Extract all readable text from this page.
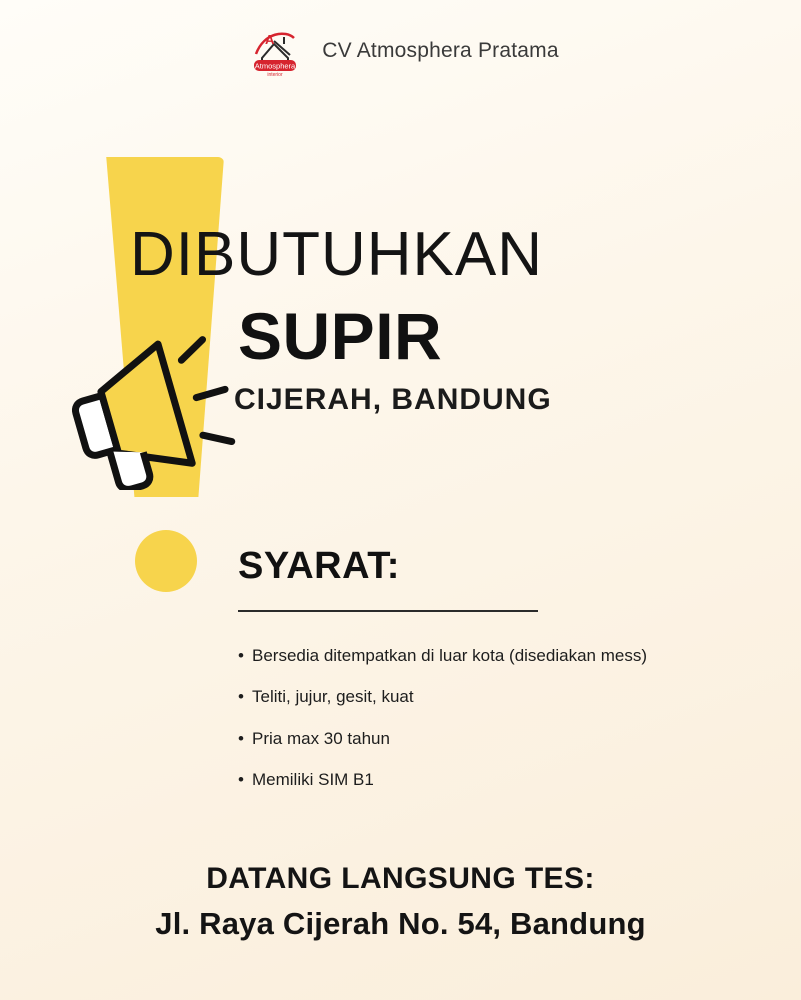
A
Atmosphera
interior
CV Atmosphera Pratama
DIBUTUHKAN
SUPIR
CIJERAH, BANDUNG
SYARAT:
• Bersedia ditempatkan di luar kota (disediakan mess)
• Teliti, jujur, gesit, kuat
• Pria max 30 tahun
• Memiliki SIM B1
DATANG LANGSUNG TES:
Jl. Raya Cijerah No. 54, Bandung
